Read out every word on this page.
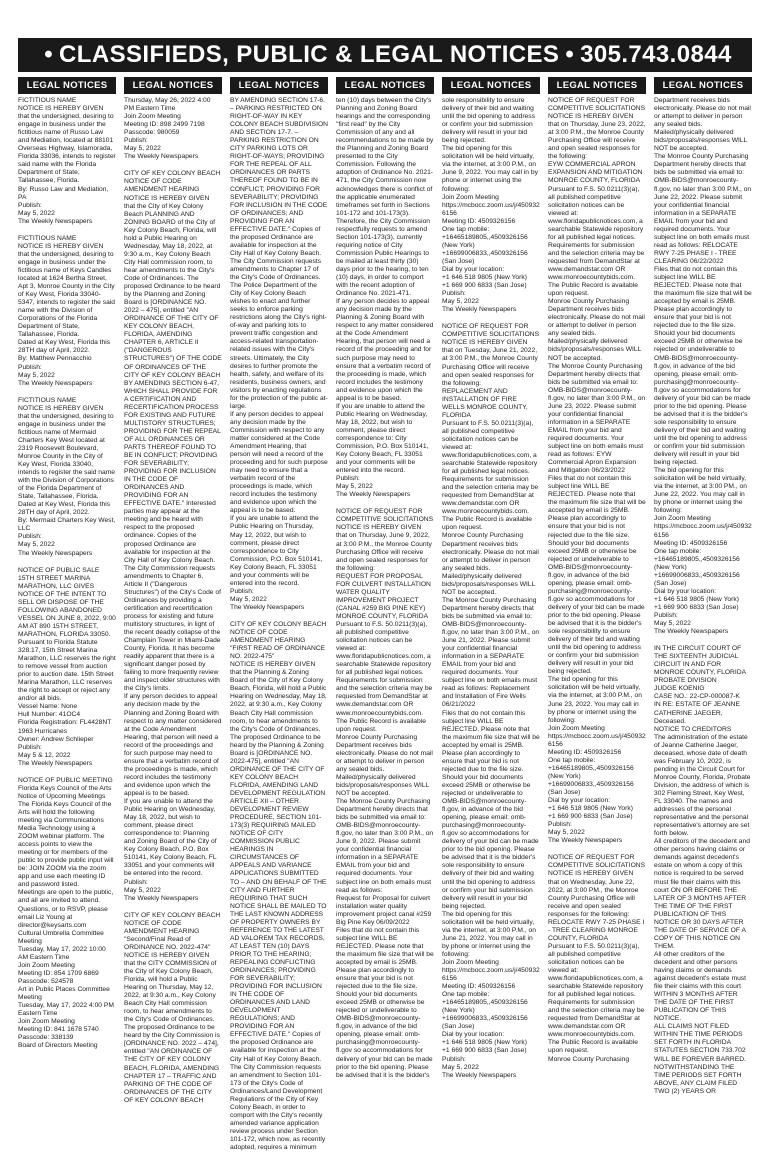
• CLASSIFIEDS, PUBLIC & LEGAL NOTICES • 305.743.0844
LEGAL NOTICES	LEGAL NOTICES	LEGAL NOTICES	LEGAL NOTICES	LEGAL NOTICES	LEGAL NOTICES	LEGAL NOTICES
FICTITIOUS NAME
NOTICE IS HEREBY GIVEN that the undersigned, desiring to engage in business under the fictitious name of Russo Law and Mediation, located at 88101 Overseas Highway, Islamorada, Florida 33036, intends to register said name with the Florida Department of State, Tallahassee, Florida.
By: Russo Law and Mediation, PA
Publish:
May 5, 2022
The Weekly Newspapers
FICTITIOUS NAME
NOTICE IS HEREBY GIVEN that the undersigned, desiring to engage in business under the fictitious name of Keys Candles located at 1624 Bertha Street, Apt 3, Monroe County in the City of Key West, Florida 33040-5347, intends to register the said name with the Division of Corporations of the Florida Department of State, Tallahassee, Florida.
Dated at Key West, Florida this 28TH day of April, 2022.
By: Matthew Pennacchio
Publish:
May 5, 2022
The Weekly Newspapers
FICTITIOUS NAME
NOTICE IS HEREBY GIVEN that the undersigned, desiring to engage in business under the fictitious name of Mermaid Charters Key West located at 2319 Roosevelt Boulevard, Monroe County in the City of Key West, Florida 33040, intends to register the said name with the Division of Corporations of the Florida Department of State, Tallahassee, Florida.
Dated at Key West, Florida this 28TH day of April, 2022.
By: Mermaid Charters Key West, LLC
Publish:
May 5, 2022
The Weekly Newspapers
NOTICE OF PUBLIC SALE
15TH STREET MARINA MARATHON, LLC GIVES NOTICE OF THE INTENT TO SELL OR DISPOSE OF THE FOLLOWING ABANDONED VESSEL ON JUNE 8, 2022, 9:00 AM AT 890 15TH STREET, MARATHON, FLORIDA 33050.
Pursuant to Florida Statute 328.17, 15th Street Marina Marathon, LLC reserves the right to remove vessel from auction prior to auction date. 15th Street Marina Marathon, LLC reserves the right to accept or reject any and/or all bids.
Vessel Name: None
Hull Number: 41OC4
Florida Registration: FL4428NT
1963 Hurricanes
Owner: Andrew Schlieper
Publish:
May 5 & 12, 2022
The Weekly Newspapers
NOTICE OF PUBLIC MEETING
Florida Keys Council of the Arts Notice of Upcoming Meetings
The Florida Keys Council of the Arts will hold the following meeting via Communications Media Technology using a ZOOM webinar platform. The access points to view the meeting or for members of the public to provide public input will be: JOIN ZOOM via the zoom app and use each meeting ID and password listed.
Meetings are open to the public, and all are invited to attend.
Questions, or to RSVP, please email Liz Young at director@keysarts.com
Cultural Umbrella Committee Meeting
Tuesday, May 17, 2022 10:00 AM Eastern Time
Join Zoom Meeting
Meeting ID: 854 1709 6869
Passcode: 524578
Art in Public Places Committee Meeting
Tuesday, May 17, 2022 4:00 PM Eastern Time
Join Zoom Meeting
Meeting ID: 841 1678 5740
Passcode: 338139
Board of Directors Meeting
Thursday, May 26, 2022 4:00 PM Eastern Time
Join Zoom Meeting
Meeting ID: 898 2499 7198
Passcode: 980059
Publish:
May 5, 2022
The Weekly Newspapers
CITY OF KEY COLONY BEACH NOTICE OF CODE AMENDMENT HEARING
NOTICE IS HEREBY GIVEN that the City of Key Colony Beach PLANNING AND ZONING BOARD of the City of Key Colony Beach, Florida, will hold a Public Hearing on Wednesday, May 18, 2022, at 9:30 a.m., Key Colony Beach City Hall commission room, to hear amendments to the City's Code of Ordinances. The proposed Ordinance to be heard by the Planning and Zoning Board is [ORDINANCE NO. 2022 – 475], entitled "AN ORDINANCE OF THE CITY OF KEY COLONY BEACH, FLORIDA, AMENDING CHAPTER 6, ARTICLE II ("DANGEROUS STRUCTURES") OF THE CODE OF ORDINANCES OF THE CITY OF KEY COLONY BEACH BY AMENDING SECTION 6-47, WHICH SHALL PROVIDE FOR A CERTIFICATION AND RECERTIFICATION PROCESS FOR EXISTING AND FUTURE MULTISTORY STRUCTURES; PROVIDING FOR THE REPEAL OF ALL ORDINANCES OR PARTS THEREOF FOUND TO BE IN CONFLICT; PROVIDING FOR SEVERABILITY; PROVIDING FOR INCLUSION IN THE CODE OF ORDINANCES AND PROVIDING FOR AN EFFECTIVE DATE." Interested parties may appear at the meeting and be heard with respect to the proposed ordinance. Copies of the proposed Ordinance are available for inspection at the City Hall of Key Colony Beach. The City Commission requests amendments to Chapter 6, Article II ("Dangerous Structures") of the City's Code of Ordinances by providing a certification and recertification process for existing and future multistory structures, in light of the recent deadly collapse of the Champlain Tower in Miami-Dade County, Florida. It has become readily apparent that there is a significant danger posed by failing to more frequently review and inspect older structures with the City's limits.
If any person decides to appeal any decision made by the Planning and Zoning Board with respect to any matter considered at the Code Amendment Hearing, that person will need a record of the proceedings and for such purpose may need to ensure that a verbatim record of the proceedings is made, which record includes the testimony and evidence upon which the appeal is to be based.
If you are unable to attend the Public Hearing on Wednesday, May 18, 2022, but wish to comment, please direct correspondence to: Planning and Zoning Board of the City of Key Colony Beach, P.O. Box 510141, Key Colony Beach, FL 33051 and your comments will be entered into the record.
Publish:
May 5, 2022
The Weekly Newspapers
CITY OF KEY COLONY BEACH NOTICE OF CODE AMENDMENT HEARING
"Second/Final Read of ORDINANCE NO. 2022-474"
NOTICE IS HEREBY GIVEN that the CITY COMMISSION of the City of Key Colony Beach, Florida, will hold a Public Hearing on Thursday, May 12, 2022, at 9:30 a.m., Key Colony Beach City Hall commission room, to hear amendments to the City's Code of Ordinances. The proposed Ordinance to be heard by the City Commission is [ORDINANCE NO. 2022 – 474], entitled "AN ORDINANCE OF THE CITY OF KEY COLONY BEACH, FLORIDA, AMENDING CHAPTER 17 – TRAFFIC AND PARKING OF THE CODE OF ORDINANCES OF THE CITY OF KEY COLONY BEACH
BY AMENDING SECTION 17-6. – PARKING RESTRICTED ON RIGHT-OF-WAY IN KEY COLONY BEACH SUBDIVISION AND SECTION 17-7. – PARKING RESTRICTION ON CITY PARKING LOTS OR RIGHT-OF-WAYS; PROVIDING FOR THE REPEAL OF ALL ORDINANCES OR PARTS THEREOF FOUND TO BE IN CONFLICT; PROVIDING FOR SEVERABILITY; PROVIDING FOR INCLUSION IN THE CODE OF ORDINANCES; AND PROVIDING FOR AN EFFECTIVE DATE." Copies of the proposed Ordinance are available for inspection at the City Hall of Key Colony Beach.
The City Commission requests amendments to Chapter 17 of the City's Code of Ordinances. The Police Department of the City of Key Colony Beach wishes to enact and further seeks to enforce parking restrictions along the City's right-of-way and parking lots to prevent traffic congestion and access-related transportation-related issues with the City's streets. Ultimately, the City desires to further promote the health, safety, and welfare of its residents, business owners, and visitors by enacting regulations for the protection of the public at-large.
If any person decides to appeal any decision made by the Commission with respect to any matter considered at the Code Amendment Hearing, that person will need a record of the proceeding and for such purpose may need to ensure that a verbatim record of the proceedings is made, which record includes the testimony and evidence upon which the appeal is to be based.
If you are unable to attend the Public Hearing on Thursday, May 12, 2022, but wish to comment, please direct correspondence to City Commission, P.O. Box 510141, Key Colony Beach, FL 33051 and your comments will be entered into the record.
Publish:
May 5, 2022
The Weekly Newspapers
CITY OF KEY COLONY BEACH NOTICE OF CODE AMENDMENT HEARING
"FIRST READ OF ORDINANCE NO. 2022-475"
NOTICE IS HEREBY GIVEN that the Planning & Zoning Board of the City of Key Colony Beach, Florida, will hold a Public Hearing on Wednesday, May 18, 2022, at 9:30 a.m., Key Colony Beach City Hall commission room, to hear amendments to the City's Code of Ordinances. The proposed Ordinance to be heard by the Planning & Zoning Board is [ORDINANCE NO. 2022-475], entitled "AN ORDINANCE OF THE CITY OF KEY COLONY BEACH FLORIDA, AMENDING LAND DEVELOPMENT REGULATION ARTICLE XII – OTHER DEVELOPMENT REVIEW PROCEDURE, SECTION 101-173(3) REQUIRING MAILED NOTICE OF CITY COMMISSION PUBLIC HEARINGS IN CIRCUMSTANCES OF APPEALS AND VARIANCE APPLICATIONS SUBMITTED TO – AND ON BEHALF OF THE CITY AND FURTHER REQUIRING THAT SUCH NOTICE SHALL BE MAILED TO THE LAST KNOWN ADDRESS OF PROPERTY OWNERS BY REFERENCE TO THE LATEST AD VALOREM TAX RECORDS, AT LEAST TEN (10) DAYS PRIOR TO THE HEARING; REPEALING CONFLICTING ORDINANCES; PROVIDING FOR SEVERABILITY; PROVIDING FOR INCLUSION IN THE CODE OF ORDINANCES AND LAND DEVELOPMENT REGULATIONS; AND PROVIDING FOR AN EFFECTIVE DATE." Copies of the proposed Ordinance are available for inspection at the City Hall of Key Colony Beach.
The City Commission requests an amendment to Section 101-173 of the City's Code of Ordinances/Land Development Regulations of the City of Key Colony Beach, in order to comport with the City's recently amended variance application review process under Section 101-172, which now, as recently adopted, requires a minimum
ten (10) days between the City's Planning and Zoning Board hearings and the corresponding "first read" by the City Commission of any and all recommendations to be made by the Planning and Zoning Board presented to the City Commission. Following the adoption of Ordinance No. 2021-471, the City Commission now acknowledges there is conflict of the applicable enumerated timeframes set forth in Sections 101-172 and 101-173(3). Therefore, the City Commission respectfully requests to amend Section 101-173(3), currently requiring notice of City Commission Public Hearings to be mailed at least thirty (30) days prior to the hearing, to ten (10) days, in order to comport with the recent adoption of Ordinance No. 2021-471.
If any person decides to appeal any decision made by the Planning & Zoning Board with respect to any matter considered at the Code Amendment Hearing, that person will need a record of the proceeding and for such purpose may need to ensure that a verbatim record of the proceeding is made, which record includes the testimony and evidence upon which the appeal is to be based.
If you are unable to attend the Public Hearing on Wednesday, May 18, 2022, but wish to comment, please direct correspondence to: City Commission, P.O. Box 510141, Key Colony Beach, FL 33051 and your comments will be entered into the record.
Publish:
May 5, 2022
The Weekly Newspapers
NOTICE OF REQUEST FOR COMPETITIVE SOLICITATIONS
NOTICE IS HEREBY GIVEN that on Thursday, June 9, 2022, at 3:00 P.M., the Monroe County Purchasing Office will receive and open sealed responses for the following:
REQUEST FOR PROPOSAL FOR CULVERT INSTALLATION WATER QUALITY IMPROVEMENT PROJECT (CANAL #259 BIG PINE KEY) MONROE COUNTY, FLORIDA
Pursuant to F.S. 50.0211(3)(a), all published competitive solicitation notices can be viewed at: www.floridapublicnotices.com, a searchable Statewide repository for all published legal notices. Requirements for submission and the selection criteria may be requested from DemandStar at www.demandstar.com OR www.monroecountybids.com. The Public Record is available upon request.
Monroe County Purchasing Department receives bids electronically. Please do not mail or attempt to deliver in person any sealed bids. Mailed/physically delivered bids/proposals/responses WILL NOT be accepted.
The Monroe County Purchasing Department hereby directs that bids be submitted via email to: OMB-BIDS@monroecounty-fl.gov, no later than 3:00 P.M., on June 9, 2022. Please submit your confidential financial information in a SEPARATE EMAIL from your bid and required documents. Your subject line on both emails must read as follows:
Request for Proposal for culvert installation water quality improvement project canal #259 Big Pine Key 06/09/2022
Files that do not contain this subject line WILL BE REJECTED. Please note that the maximum file size that will be accepted by email is 25MB. Please plan accordingly to ensure that your bid is not rejected due to the file size. Should your bid documents exceed 25MB or otherwise be rejected or undeliverable to OMB-BIDS@monroecounty-fl.gov, in advance of the bid opening, please email: omb-purchasing@monroecounty-fl.gov so accommodations for delivery of your bid can be made prior to the bid opening. Please be advised that it is the bidder's
sole responsibility to ensure delivery of their bid and waiting until the bid opening to address or confirm your bid submission delivery will result in your bid being rejected.
The bid opening for this solicitation will be held virtually, via the internet, at 3:00 P.M., on June 9, 2022. You may call in by phone or internet using the following:
Join Zoom Meeting
https://mcbocc.zoom.us/j/4509326156
Meeting ID: 4509326156
One tap mobile:
+16465189805,,4509326156 (New York)
+16699006833,,4509326156 (San Jose)
Dial by your location:
+1 646 518 9805 (New York)
+1 669 900 6833 (San Jose)
Publish:
May 5, 2022
The Weekly Newspapers
NOTICE OF REQUEST FOR COMPETITIVE SOLICITATIONS
NOTICE IS HEREBY GIVEN that on Tuesday, June 21, 2022, at 3:00 P.M., the Monroe County Purchasing Office will receive and open sealed responses for the following:
REPLACEMENT AND INSTALLATION OF FIRE WELLS MONROE COUNTY, FLORIDA
Pursuant to F.S. 50.0211(3)(a), all published competitive solicitation notices can be viewed at: www.floridapublicnotices.com, a searchable Statewide repository for all published legal notices. Requirements for submission and the selection criteria may be requested from DemandStar at www.demandstar.com OR www.monroecountybids.com. The Public Record is available upon request.
Monroe County Purchasing Department receives bids electronically. Please do not mail or attempt to deliver in person any sealed bids. Mailed/physically delivered bids/proposals/responses WILL NOT be accepted.
The Monroe County Purchasing Department hereby directs that bids be submitted via email to: OMB-BIDS@monroecounty-fl.gov, no later than 3:00 P.M., on June 21, 2022. Please submit your confidential financial information in a SEPARATE EMAIL from your bid and required documents. Your subject line on both emails must read as follows: Replacement and Installation of Fire Wells 06/21/2022
Files that do not contain this subject line WILL BE REJECTED. Please note that the maximum file size that will be accepted by email is 25MB. Please plan accordingly to ensure that your bid is not rejected due to the file size. Should your bid documents exceed 25MB or otherwise be rejected or undeliverable to OMB-BIDS@monroecounty-fl.gov, in advance of the bid opening, please email: omb-purchasing@monroecounty-fl.gov so accommodations for delivery of your bid can be made prior to the bid opening. Please be advised that it is the bidder's sole responsibility to ensure delivery of their bid and waiting until the bid opening to address or confirm your bid submission delivery will result in your bid being rejected.
The bid opening for this solicitation will be held virtually, via the internet, at 3:00 P.M., on June 21, 2022. You may call in by phone or internet using the following:
Join Zoom Meeting
https://mcbocc.zoom.us/j/4509326156
Meeting ID: 4509326156
One tap mobile:
+16465189805,,4509326156 (New York)
+16699006833,,4509326156 (San Jose)
Dial by your location:
+1 646 518 9805 (New York)
+1 669 900 6833 (San Jose)
Publish:
May 5, 2022
The Weekly Newspapers
NOTICE OF REQUEST FOR COMPETITIVE SOLICITATIONS
NOTICE IS HEREBY GIVEN that on Thursday, June 23, 2022, at 3:00 P.M., the Monroe County Purchasing Office will receive and open sealed responses for the following:
EYW COMMERCIAL APRON EXPANSION AND MITIGATION MONROE COUNTY, FLORIDA
Pursuant to F.S. 50.0211(3)(a), all published competitive solicitation notices can be viewed at: www.floridapublicnotices.com, a searchable Statewide repository for all published legal notices. Requirements for submission and the selection criteria may be requested from DemandStar at www.demandstar.com OR www.monroecountybids.com. The Public Record is available upon request.
Monroe County Purchasing Department receives bids electronically. Please do not mail or attempt to deliver in person any sealed bids. Mailed/physically delivered bids/proposals/responses WILL NOT be accepted.
The Monroe County Purchasing Department hereby directs that bids be submitted via email to: OMB-BIDS@monroecounty-fl.gov, no later than 3:00 P.M., on June 23, 2022. Please submit your confidential financial information in a SEPARATE EMAIL from your bid and required documents. Your subject line on both emails must read as follows: EYW Commercial Apron Expansion and Mitigation 06/23/2022
Files that do not contain this subject line WILL BE REJECTED. Please note that the maximum file size that will be accepted by email is 25MB. Please plan accordingly to ensure that your bid is not rejected due to the file size. Should your bid documents exceed 25MB or otherwise be rejected or undeliverable to OMB-BIDS@monroecounty-fl.gov, in advance of the bid opening, please email: omb-purchasing@monroecounty-fl.gov so accommodations for delivery of your bid can be made prior to the bid opening. Please be advised that it is the bidder's sole responsibility to ensure delivery of their bid and waiting until the bid opening to address or confirm your bid submission delivery will result in your bid being rejected.
The bid opening for this solicitation will be held virtually, via the internet, at 3:00 P.M., on June 23, 2022. You may call in by phone or internet using the following:
Join Zoom Meeting
https://mcbocc.zoom.us/j/4509326156
Meeting ID: 4509326156
One tap mobile:
+16465189805,,4509326156 (New York)
+16699006833,,4509326156 (San Jose)
Dial by your location:
+1 646 518 9805 (New York)
+1 669 900 6833 (San Jose)
Publish:
May 5, 2022
The Weekly Newspapers
NOTICE OF REQUEST FOR COMPETITIVE SOLICITATIONS
NOTICE IS HEREBY GIVEN that on Wednesday, June 22, 2022, at 3:00 PM., the Monroe County Purchasing Office will receive and open sealed responses for the following:
RELOCATE RWY 7-25 PHASE I - TREE CLEARING MONROE COUNTY, FLORIDA
Pursuant to F.S. 50.0211(3)(a), all published competitive solicitation notices can be viewed at: www.floridapublicnotices.com, a searchable Statewide repository for all published legal notices. Requirements for submission and the selection criteria may be requested from DemandStar at www.demandstar.com OR www.monroecountybids.com. The Public Record is available upon request.
Monroe County Purchasing
Department receives bids electronically. Please do not mail or attempt to deliver in person any sealed bids. Mailed/physically delivered bids/proposals/responses WILL NOT be accepted.
The Monroe County Purchasing Department hereby directs that bids be submitted via email to: OMB-BIDS@monroecounty-fl.gov, no later than 3:00 P.M., on June 22, 2022. Please submit your confidential financial information in a SEPARATE EMAIL from your bid and required documents. Your subject line on both emails must read as follows: RELOCATE RWY 7-25 PHASE I - TREE CLEARING 06/22/2022
Files that do not contain this subject line WILL BE REJECTED. Please note that the maximum file size that will be accepted by email is 25MB. Please plan accordingly to ensure that your bid is not rejected due to the file size. Should your bid documents exceed 25MB or otherwise be rejected or undeliverable to OMB-BIDS@monroecounty-fl.gov, in advance of the bid opening, please email: omb-purchasing@monroecounty-fl.gov so accommodations for delivery of your bid can be made prior to the bid opening. Please be advised that it is the bidder's sole responsibility to ensure delivery of their bid and waiting until the bid opening to address or confirm your bid submission delivery will result in your bid being rejected.
The bid opening for this solicitation will be held virtually, via the internet, at 3:00 PM., on June 22, 2022. You may call in by phone or internet using the following:
Join Zoom Meeting
https://mcbocc.zoom.us/j/4509326156
Meeting ID: 4509326156
One tap mobile:
+16465189805,,4509326156 (New York)
+16699006833,,4509326156 (San Jose)
Dial by your location:
+1 646 518 9805 (New York)
+1 669 900 6833 (San Jose)
Publish:
May 5, 2022
The Weekly Newspapers
IN THE CIRCUIT COURT OF THE SIXTEENTH JUDICIAL CIRCUIT IN AND FOR MONROE COUNTY, FLORIDA
PROBATE DIVISION
JUDGE KOENIG
CASE NO.: 22-CP-000087-K
IN RE: ESTATE OF JEANNE CATHERINE JAEGER, Deceased.
NOTICE TO CREDITORS
The administration of the estate of Jeanne Catherine Jaeger, deceased, whose date of death was February 10, 2022, is pending in the Circuit Court for Monroe County, Florida, Probate Division, the address of which is 302 Fleming Street, Key West, FL 33040. The names and addresses of the personal representative and the personal representative's attorney are set forth below.
All creditors of the decedent and other persons having claims or demands against decedent's estate on whom a copy of this notice is required to be served must file their claims with this court ON OR BEFORE THE LATER OF 3 MONTHS AFTER THE TIME OF THE FIRST PUBLICATION OF THIS NOTICE OR 30 DAYS AFTER THE DATE OF SERVICE OF A COPY OF THIS NOTICE ON THEM.
All other creditors of the decedent and other persons having claims or demands against decedent's estate must file their claims with this court WITHIN 3 MONTHS AFTER THE DATE OF THE FIRST PUBLICATION OF THIS NOTICE.
ALL CLAIMS NOT FILED WITHIN THE TIME PERIODS SET FORTH IN FLORIDA STATUTES SECTION 733.702 WILL BE FOREVER BARRED.
NOTWITHSTANDING THE TIME PERIODS SET FORTH ABOVE, ANY CLAIM FILED TWO (2) YEARS OR
